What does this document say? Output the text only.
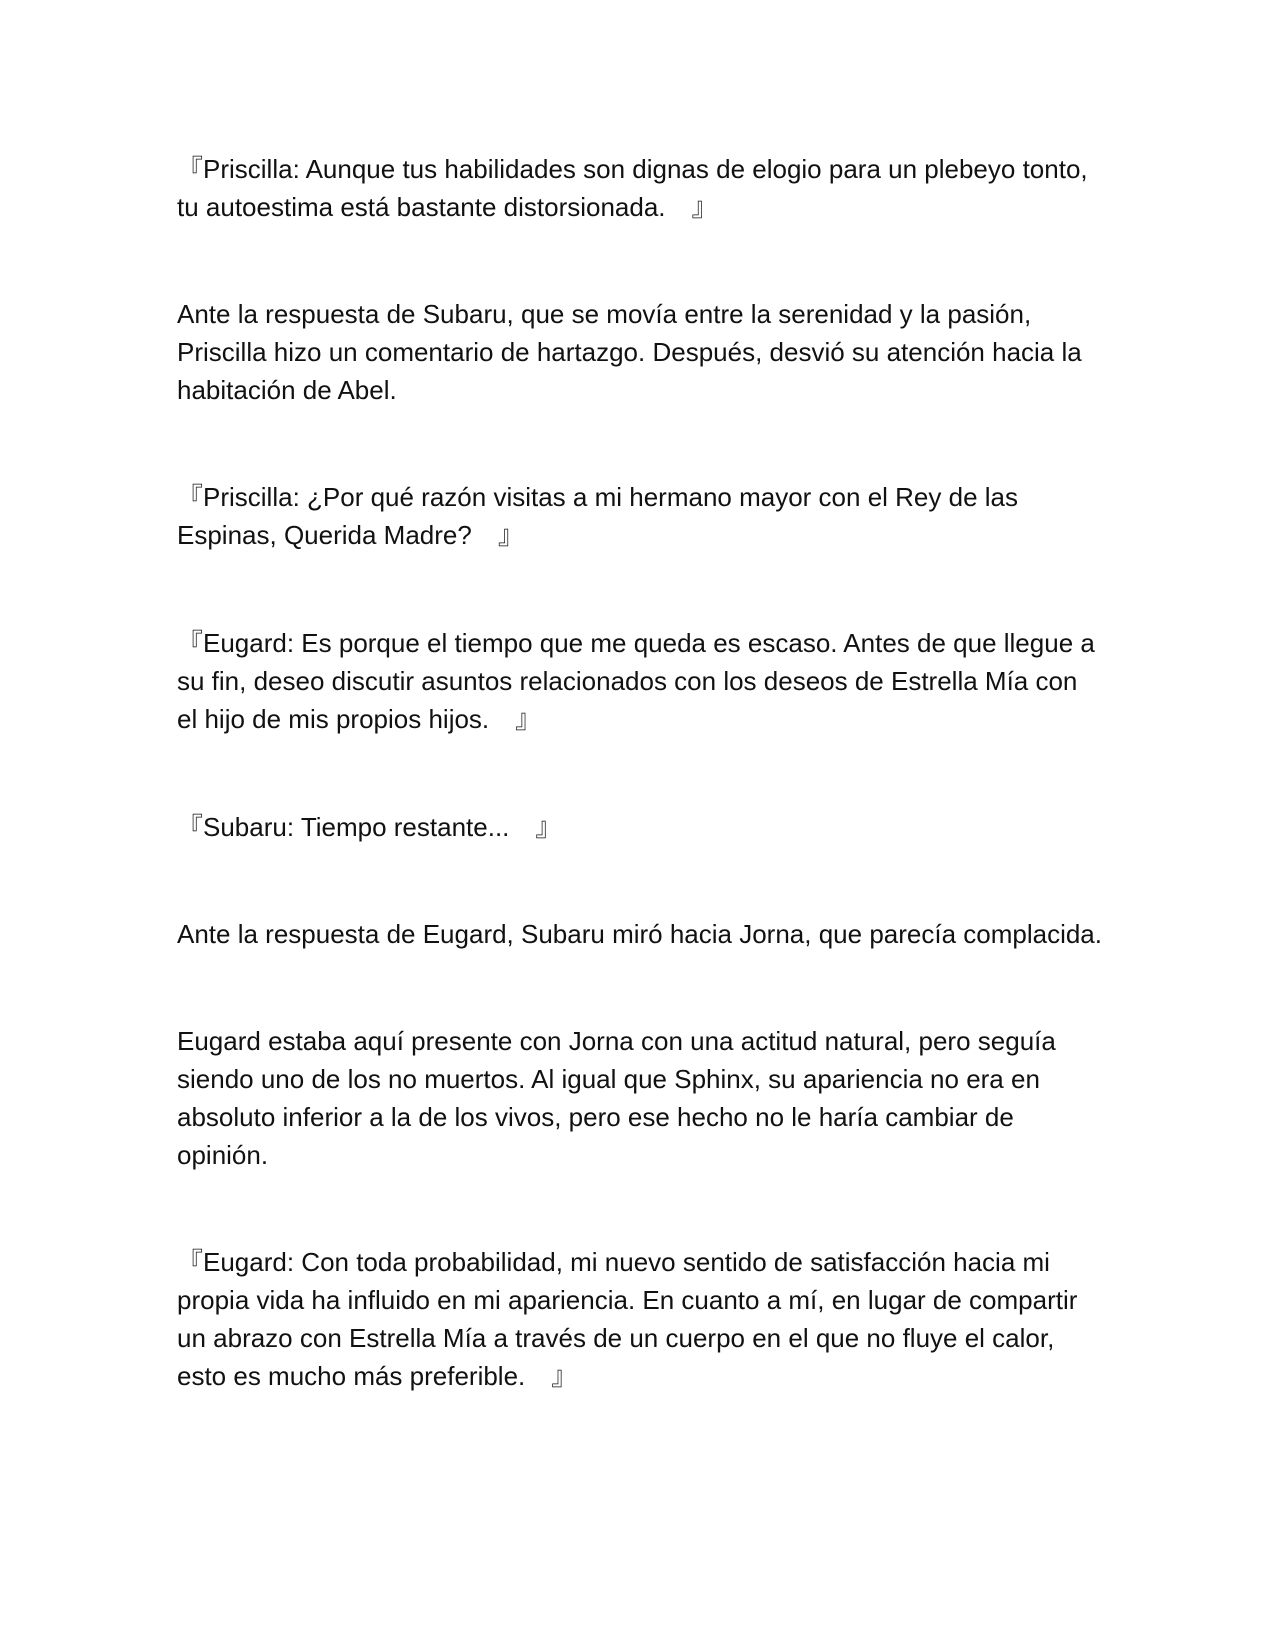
『Priscilla: Aunque tus habilidades son dignas de elogio para un plebeyo tonto, tu autoestima está bastante distorsionada.　』

Ante la respuesta de Subaru, que se movía entre la serenidad y la pasión, Priscilla hizo un comentario de hartazgo. Después, desvió su atención hacia la habitación de Abel.

『Priscilla: ¿Por qué razón visitas a mi hermano mayor con el Rey de las Espinas, Querida Madre?　』

『Eugard: Es porque el tiempo que me queda es escaso. Antes de que llegue a su fin, deseo discutir asuntos relacionados con los deseos de Estrella Mía con el hijo de mis propios hijos.　』

『Subaru: Tiempo restante...　』

Ante la respuesta de Eugard, Subaru miró hacia Jorna, que parecía complacida.

Eugard estaba aquí presente con Jorna con una actitud natural, pero seguía siendo uno de los no muertos. Al igual que Sphinx, su apariencia no era en absoluto inferior a la de los vivos, pero ese hecho no le haría cambiar de opinión.

『Eugard: Con toda probabilidad, mi nuevo sentido de satisfacción hacia mi propia vida ha influido en mi apariencia. En cuanto a mí, en lugar de compartir un abrazo con Estrella Mía a través de un cuerpo en el que no fluye el calor, esto es mucho más preferible.　』
